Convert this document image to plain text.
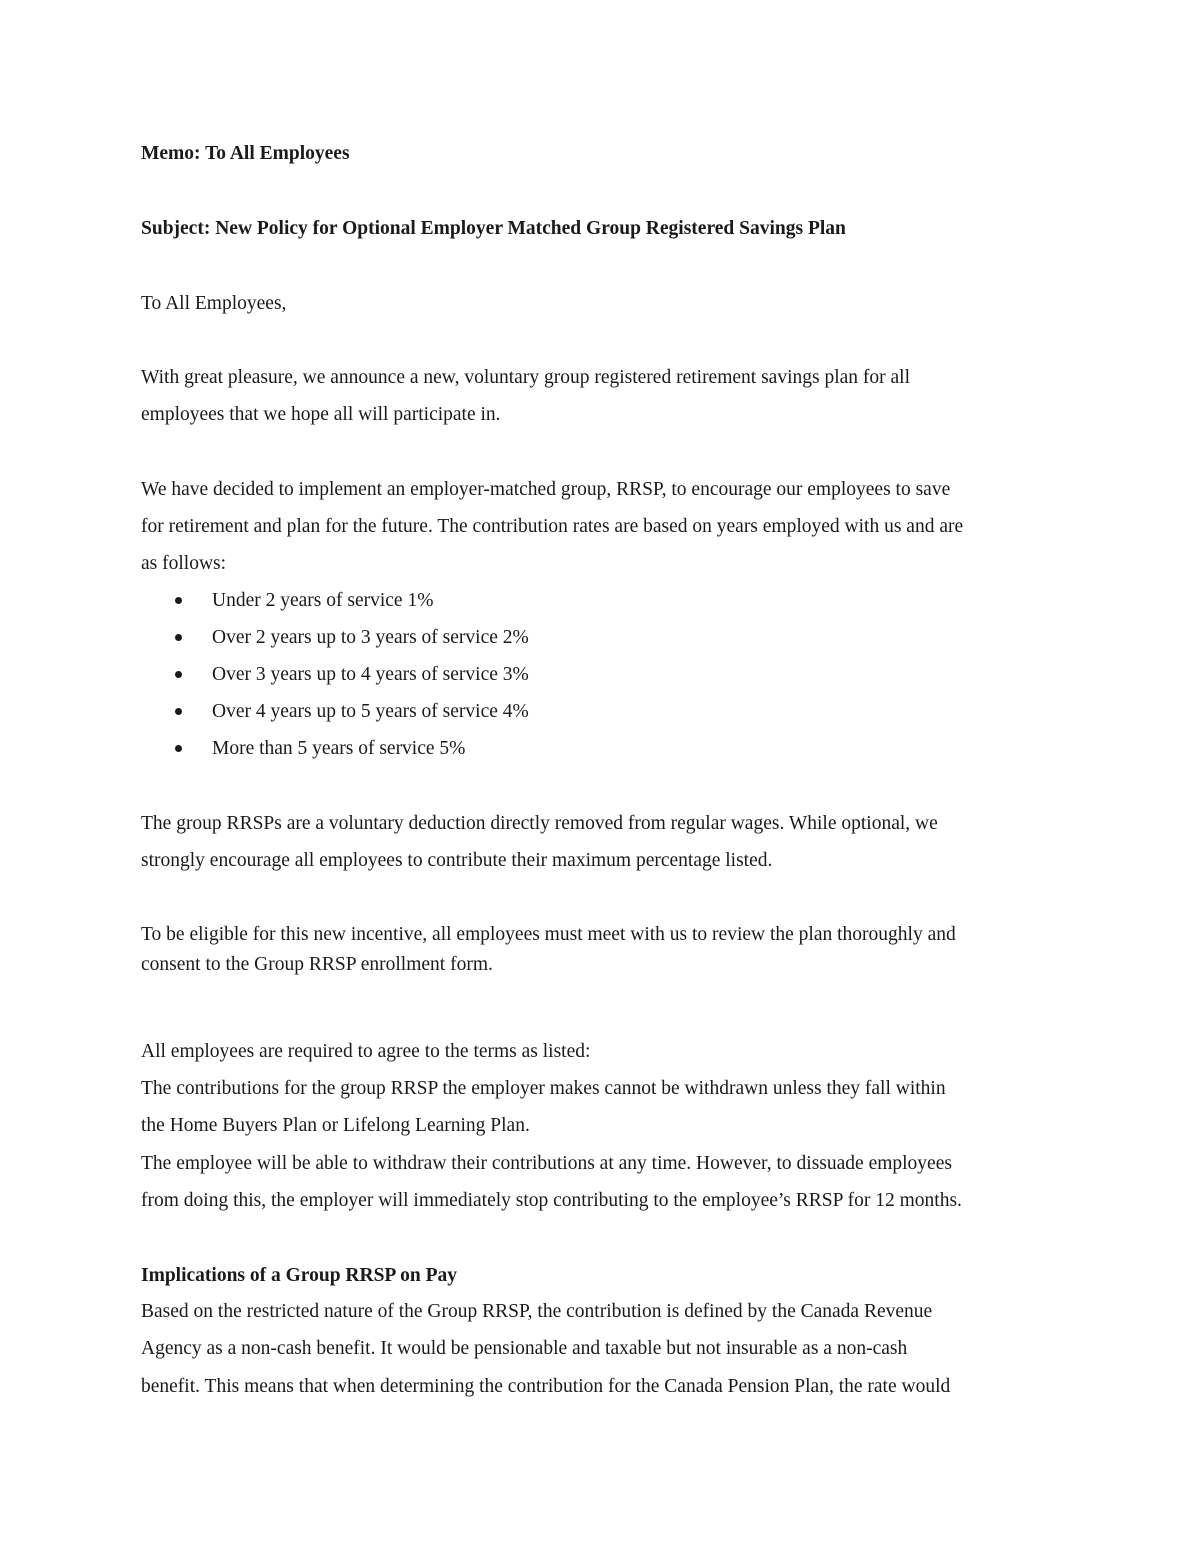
Memo: To All Employees
Subject: New Policy for Optional Employer Matched Group Registered Savings Plan
To All Employees,
With great pleasure, we announce a new, voluntary group registered retirement savings plan for all
employees that we hope all will participate in.
We have decided to implement an employer-matched group, RRSP, to encourage our employees to save
for retirement and plan for the future. The contribution rates are based on years employed with us and are
as follows:
Under 2 years of service 1%
Over 2 years up to 3 years of service 2%
Over 3 years up to 4 years of service 3%
Over 4 years up to 5 years of service 4%
More than 5 years of service 5%
The group RRSPs are a voluntary deduction directly removed from regular wages. While optional, we
strongly encourage all employees to contribute their maximum percentage listed.
To be eligible for this new incentive, all employees must meet with us to review the plan thoroughly and
consent to the Group RRSP enrollment form.
All employees are required to agree to the terms as listed:
The contributions for the group RRSP the employer makes cannot be withdrawn unless they fall within
the Home Buyers Plan or Lifelong Learning Plan.
The employee will be able to withdraw their contributions at any time. However, to dissuade employees
from doing this, the employer will immediately stop contributing to the employee’s RRSP for 12 months.
Implications of a Group RRSP on Pay
Based on the restricted nature of the Group RRSP, the contribution is defined by the Canada Revenue
Agency as a non-cash benefit. It would be pensionable and taxable but not insurable as a non-cash
benefit. This means that when determining the contribution for the Canada Pension Plan, the rate would
